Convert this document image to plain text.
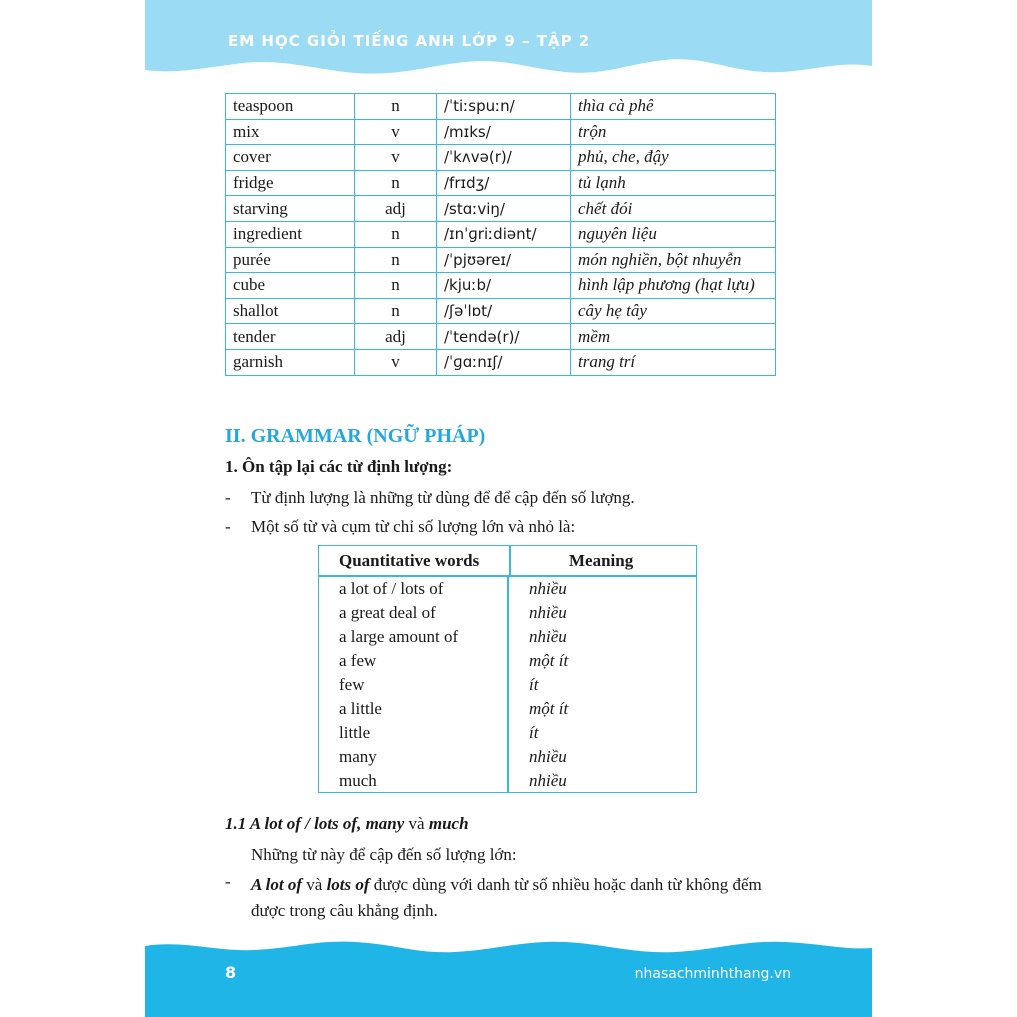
EM HỌC GIỎI TIẾNG ANH LỚP 9 – TẬP 2
teaspoon	n	/ˈtiːspuːn/	thìa cà phê
mix	v	/mɪks/	trộn
cover	v	/ˈkʌvə(r)/	phủ, che, đậy
fridge	n	/frɪdʒ/	tủ lạnh
starving	adj	/stɑːviŋ/	chết đói
ingredient	n	/ɪnˈɡriːdiənt/	nguyên liệu
purée	n	/ˈpjʊəreɪ/	món nghiền, bột nhuyễn
cube	n	/kjuːb/	hình lập phương (hạt lựu)
shallot	n	/ʃəˈlɒt/	cây hẹ tây
tender	adj	/ˈtendə(r)/	mềm
garnish	v	/ˈɡɑːnɪʃ/	trang trí
II. GRAMMAR (NGỮ PHÁP)
1. Ôn tập lại các từ định lượng:
- Từ định lượng là những từ dùng để để cập đến số lượng.
- Một số từ và cụm từ chỉ số lượng lớn và nhỏ là:
Quantitative words	Meaning
a lot of / lots of	nhiều
a great deal of	nhiều
a large amount of	nhiều
a few	một ít
few	ít
a little	một ít
little	ít
many	nhiều
much	nhiều
1.1 A lot of / lots of, many và much
Những từ này để cập đến số lượng lớn:
- A lot of và lots of được dùng với danh từ số nhiều hoặc danh từ không đếm được trong câu khẳng định.
8	nhasachminhthang.vn
